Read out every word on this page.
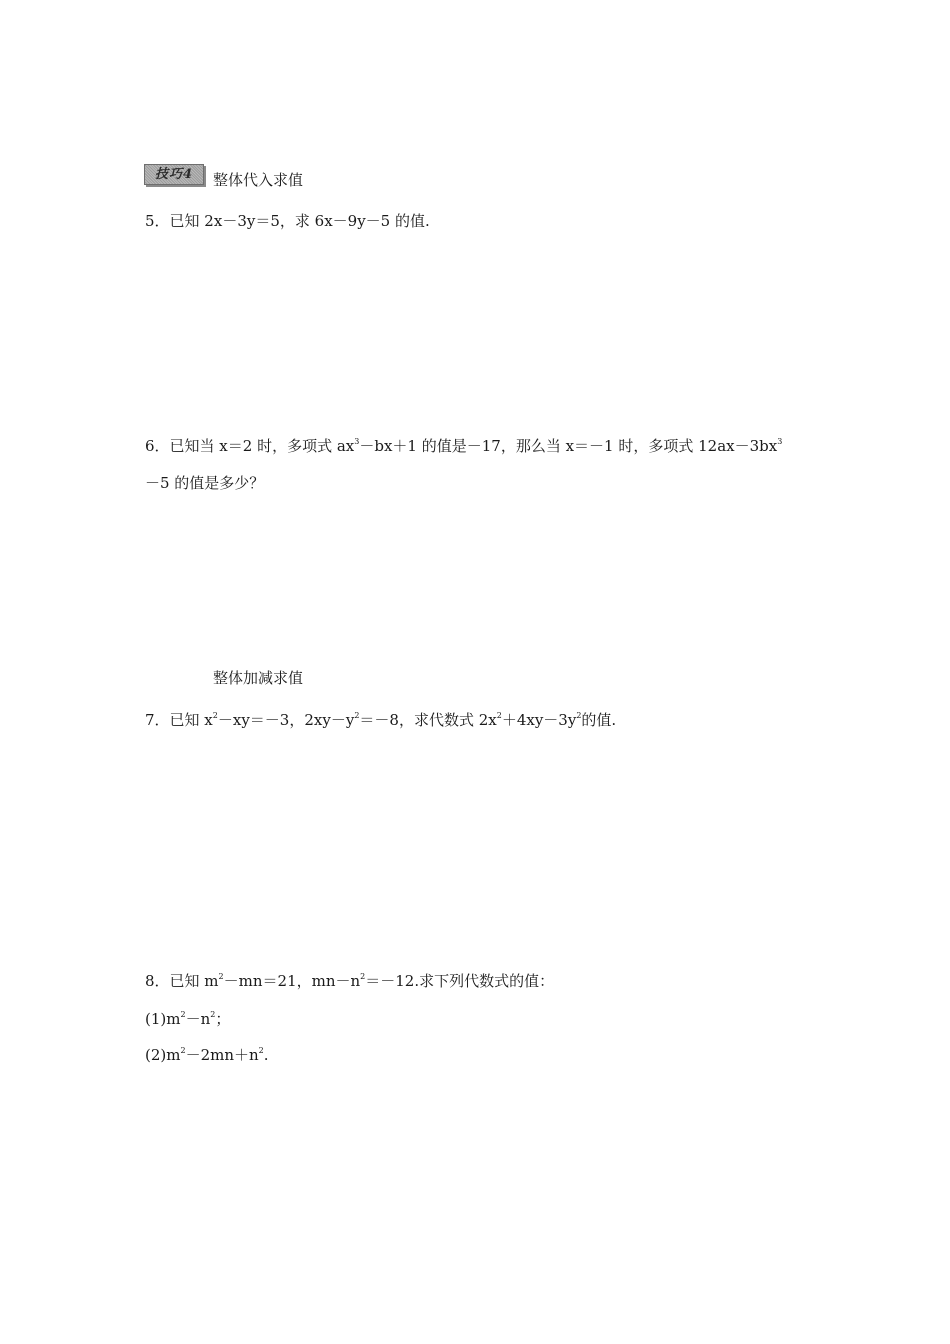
技巧4	整体代入求值
5．已知 2x－3y＝5，求 6x－9y－5 的值.
6．已知当 x＝2 时，多项式 $ax^3-bx+1$ 的值是－17，那么当 x＝－1 时，多项式 $12ax-3bx^3$
－5 的值是多少？
整体加减求值
7．已知 $x^2-xy=-3$，$2xy-y^2=-8$，求代数式 $2x^2+4xy-3y^2$的值.
8．已知 $m^2-mn=21$，$mn-n^2=-12$.求下列代数式的值：
$(1)m^2-n^2$；
$(2)m^2-2mn+n^2$.
